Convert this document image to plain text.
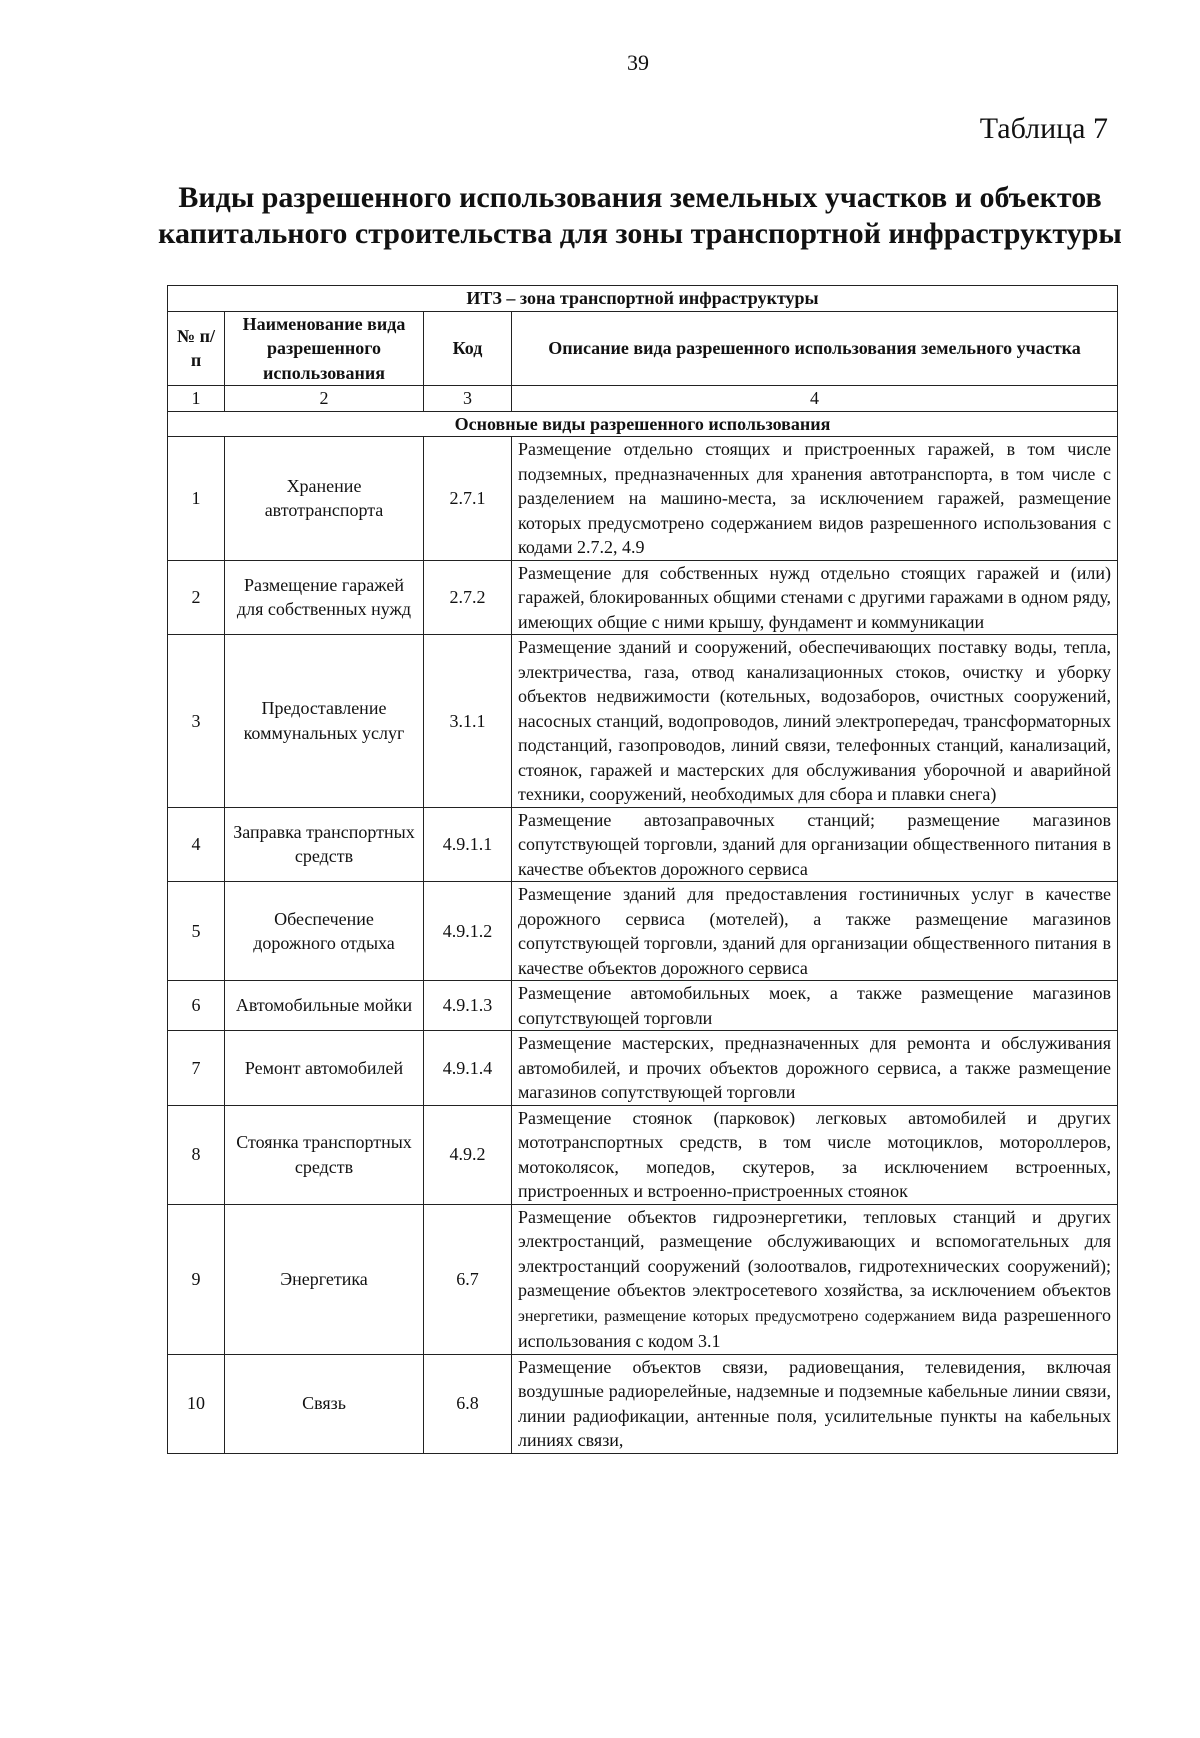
39
Таблица 7
Виды разрешенного использования земельных участков и объектов
капитального строительства для зоны транспортной инфраструктуры
ИТЗ – зона транспортной инфраструктуры			
№ п/п	Наименование вида разрешенного использования	Код	Описание вида разрешенного использования земельного участка
1	2	3	4
Основные виды разрешенного использования			
1	Хранение автотранспорта	2.7.1	Размещение отдельно стоящих и пристроенных гаражей, в том числе подземных, предназначенных для хранения автотранспорта, в том числе с разделением на машино-места, за исключением гаражей, размещение которых предусмотрено содержанием видов разрешенного использования с кодами 2.7.2, 4.9
2	Размещение гаражей для собственных нужд	2.7.2	Размещение для собственных нужд отдельно стоящих гаражей и (или) гаражей, блокированных общими стенами с другими гаражами в одном ряду, имеющих общие с ними крышу, фундамент и коммуникации
3	Предоставление коммунальных услуг	3.1.1	Размещение зданий и сооружений, обеспечивающих поставку воды, тепла, электричества, газа, отвод канализационных стоков, очистку и уборку объектов недвижимости (котельных, водозаборов, очистных сооружений, насосных станций, водопроводов, линий электропередач, трансформаторных подстанций, газопроводов, линий связи, телефонных станций, канализаций, стоянок, гаражей и мастерских для обслуживания уборочной и аварийной техники, сооружений, необходимых для сбора и плавки снега)
4	Заправка транспортных средств	4.9.1.1	Размещение автозаправочных станций; размещение магазинов сопутствующей торговли, зданий для организации общественного питания в качестве объектов дорожного сервиса
5	Обеспечение дорожного отдыха	4.9.1.2	Размещение зданий для предоставления гостиничных услуг в качестве дорожного сервиса (мотелей), а также размещение магазинов сопутствующей торговли, зданий для организации общественного питания в качестве объектов дорожного сервиса
6	Автомобильные мойки	4.9.1.3	Размещение автомобильных моек, а также размещение магазинов сопутствующей торговли
7	Ремонт автомобилей	4.9.1.4	Размещение мастерских, предназначенных для ремонта и обслуживания автомобилей, и прочих объектов дорожного сервиса, а также размещение магазинов сопутствующей торговли
8	Стоянка транспортных средств	4.9.2	Размещение стоянок (парковок) легковых автомобилей и других мототранспортных средств, в том числе мотоциклов, мотороллеров, мотоколясок, мопедов, скутеров, за исключением встроенных, пристроенных и встроенно-пристроенных стоянок
9	Энергетика	6.7	Размещение объектов гидроэнергетики, тепловых станций и других электростанций, размещение обслуживающих и вспомогательных для электростанций сооружений (золоотвалов, гидротехнических сооружений); размещение объектов электросетевого хозяйства, за исключением объектов энергетики, размещение которых предусмотрено содержанием вида разрешенного использования с кодом 3.1
10	Связь	6.8	Размещение объектов связи, радиовещания, телевидения, включая воздушные радиорелейные, надземные и подземные кабельные линии связи, линии радиофикации, антенные поля, усилительные пункты на кабельных линиях связи,
